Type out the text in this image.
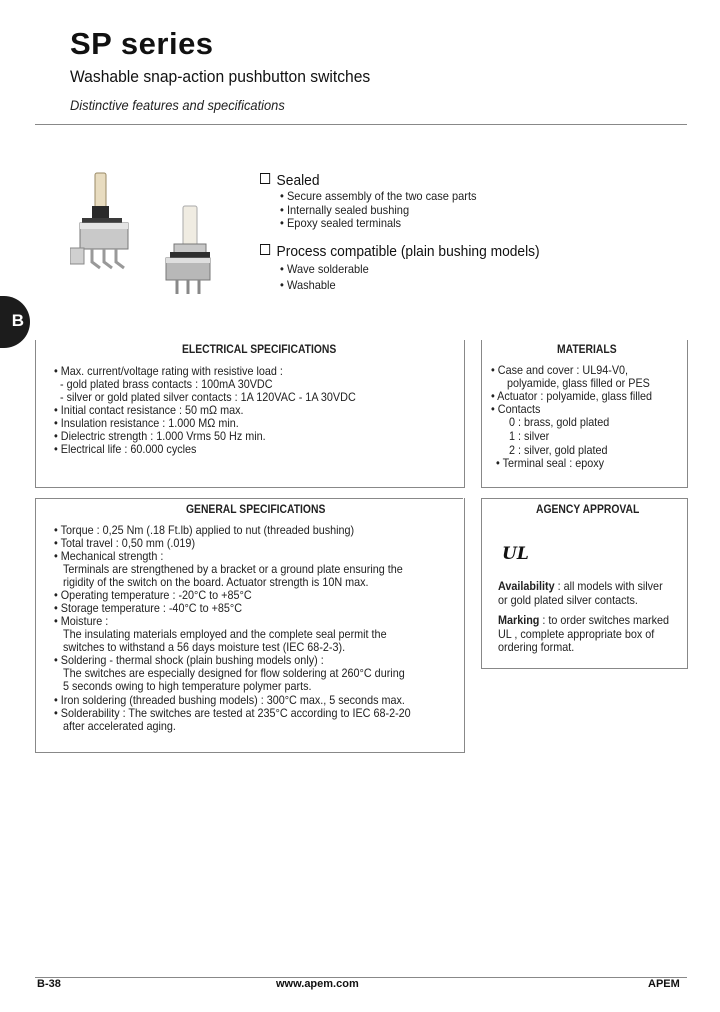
SP series
Washable snap-action pushbutton switches
Distinctive features and specifications
B
Sealed
• Secure assembly of the two case parts
• Internally sealed bushing
• Epoxy sealed terminals
Process compatible (plain bushing models)
• Wave solderable
• Washable
ELECTRICAL SPECIFICATIONS
• Max. current/voltage rating with resistive load :
- gold plated brass contacts : 100mA 30VDC
- silver or gold plated silver contacts : 1A 120VAC - 1A 30VDC
• Initial contact resistance : 50 mΩ max.
• Insulation resistance : 1.000 MΩ min.
• Dielectric strength : 1.000 Vrms 50 Hz min.
• Electrical life : 60.000 cycles
MATERIALS
• Case and cover : UL94-V0,
polyamide, glass filled or PES
• Actuator : polyamide, glass filled
• Contacts
0 : brass, gold plated
1 : silver
2 : silver, gold plated
• Terminal seal : epoxy
GENERAL SPECIFICATIONS
• Torque : 0,25 Nm (.18 Ft.lb) applied to nut (threaded bushing)
• Total travel : 0,50 mm (.019)
• Mechanical strength :
Terminals are strengthened by a bracket or a ground plate ensuring the
rigidity of the switch on the board. Actuator strength is 10N max.
• Operating temperature : -20°C to +85°C
• Storage temperature : -40°C to +85°C
• Moisture :
The insulating materials employed and the complete seal permit the
switches to withstand a 56 days moisture test (IEC 68-2-3).
• Soldering - thermal shock (plain bushing models only) :
The switches are especially designed for flow soldering at 260°C during
5 seconds owing to high temperature polymer parts.
• Iron soldering (threaded bushing models) : 300°C max., 5 seconds max.
• Solderability : The switches are tested at 235°C according to IEC 68-2-20
after accelerated aging.
AGENCY APPROVAL
UL
Availability : all models with silver
or gold plated silver contacts.
Marking : to order switches marked
UL , complete appropriate box of
ordering format.
B-38	www.apem.com	APEM
